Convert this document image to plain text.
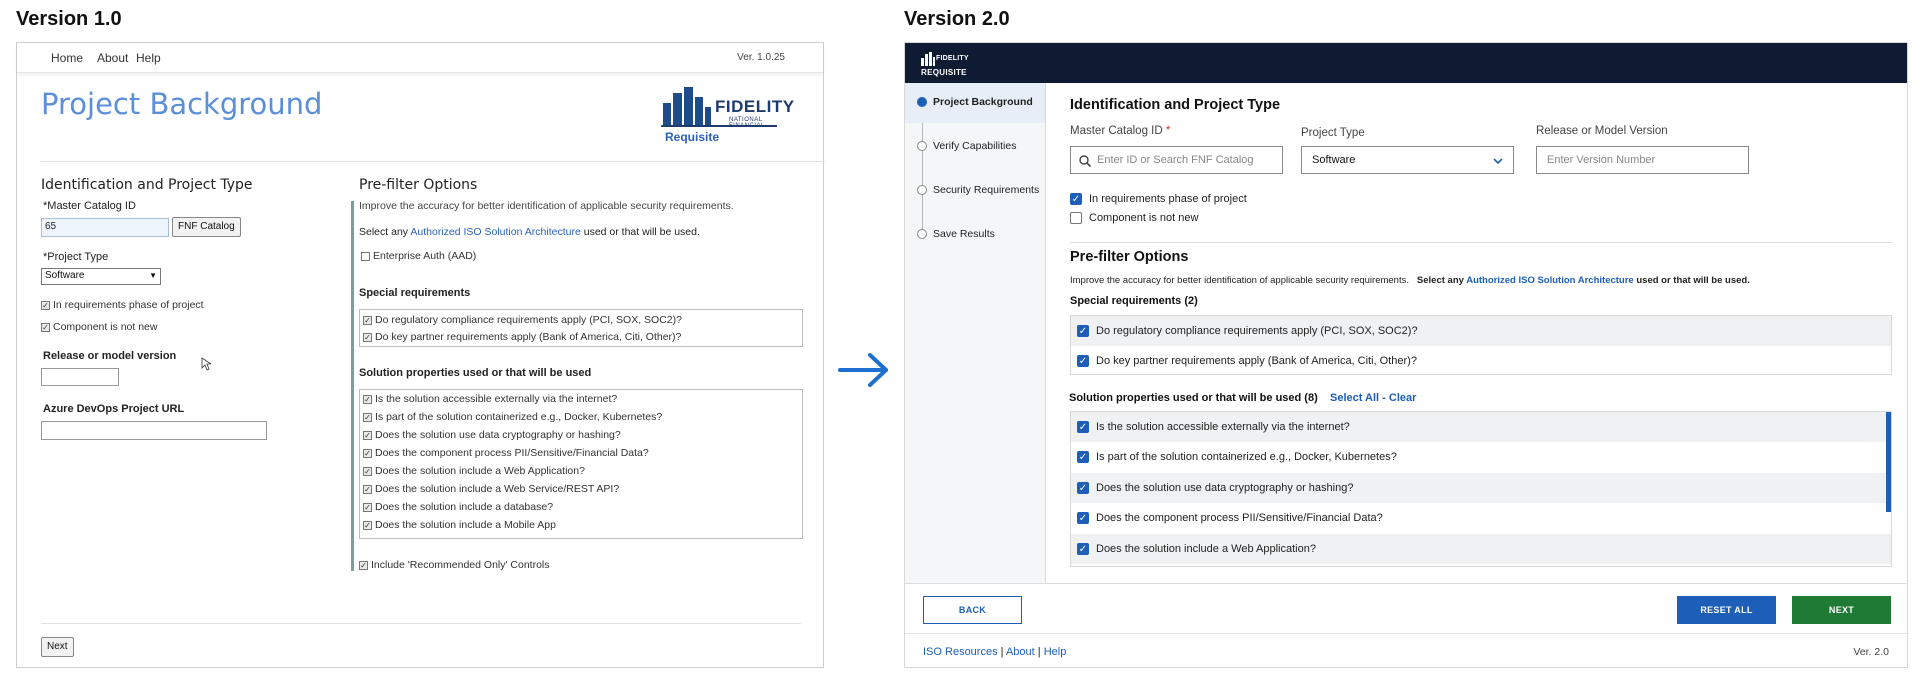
Version 1.0	Version 2.0
Home About Help	Ver. 1.0.25
Project Background	FIDELITY
NATIONAL
Requisite
Identification and Project Type
*Master Catalog ID
65	FNF Catalog
*Project Type
Software	▼
✓ In requirements phase of project
✓ Component is not new
Release or model version
Azure DevOps Project URL
Pre-filter Options
Improve the accuracy for better identification of applicable security requirements.
Select any Authorized ISO Solution Architecture used or that will be used.
Enterprise Auth (AAD)
Special requirements
✓ Do regulatory compliance requirements apply (PCI, SOX, SOC2)?
✓ Do key partner requirements apply (Bank of America, Citi, Other)?
Solution properties used or that will be used
✓ Is the solution accessible externally via the internet?
✓ Is part of the solution containerized e.g., Docker, Kubernetes?
✓ Does the solution use data cryptography or hashing?
✓ Does the component process PII/Sensitive/Financial Data?
✓ Does the solution include a Web Application?
✓ Does the solution include a Web Service/REST API?
✓ Does the solution include a database?
✓ Does the solution include a Mobile App
✓ Include 'Recommended Only' Controls
Next
FIDELITY
REQUISITE
Project Background
Verify Capabilities
Security Requirements
Save Results
Identification and Project Type
Master Catalog ID *
Enter ID or Search FNF Catalog
Project Type
Software
Release or Model Version
Enter Version Number
✓ In requirements phase of project
Component is not new
Pre-filter Options
Improve the accuracy for better identification of applicable security requirements. Select any Authorized ISO Solution Architecture used or that will be used.
Special requirements (2)
✓ Do regulatory compliance requirements apply (PCI, SOX, SOC2)?
✓ Do key partner requirements apply (Bank of America, Citi, Other)?
Solution properties used or that will be used (8) Select All - Clear
✓ Is the solution accessible externally via the internet?
✓ Is part of the solution containerized e.g., Docker, Kubernetes?
✓ Does the solution use data cryptography or hashing?
✓ Does the component process PII/Sensitive/Financial Data?
✓ Does the solution include a Web Application?
BACK	RESET ALL	NEXT
ISO Resources | About | Help	Ver. 2.0
